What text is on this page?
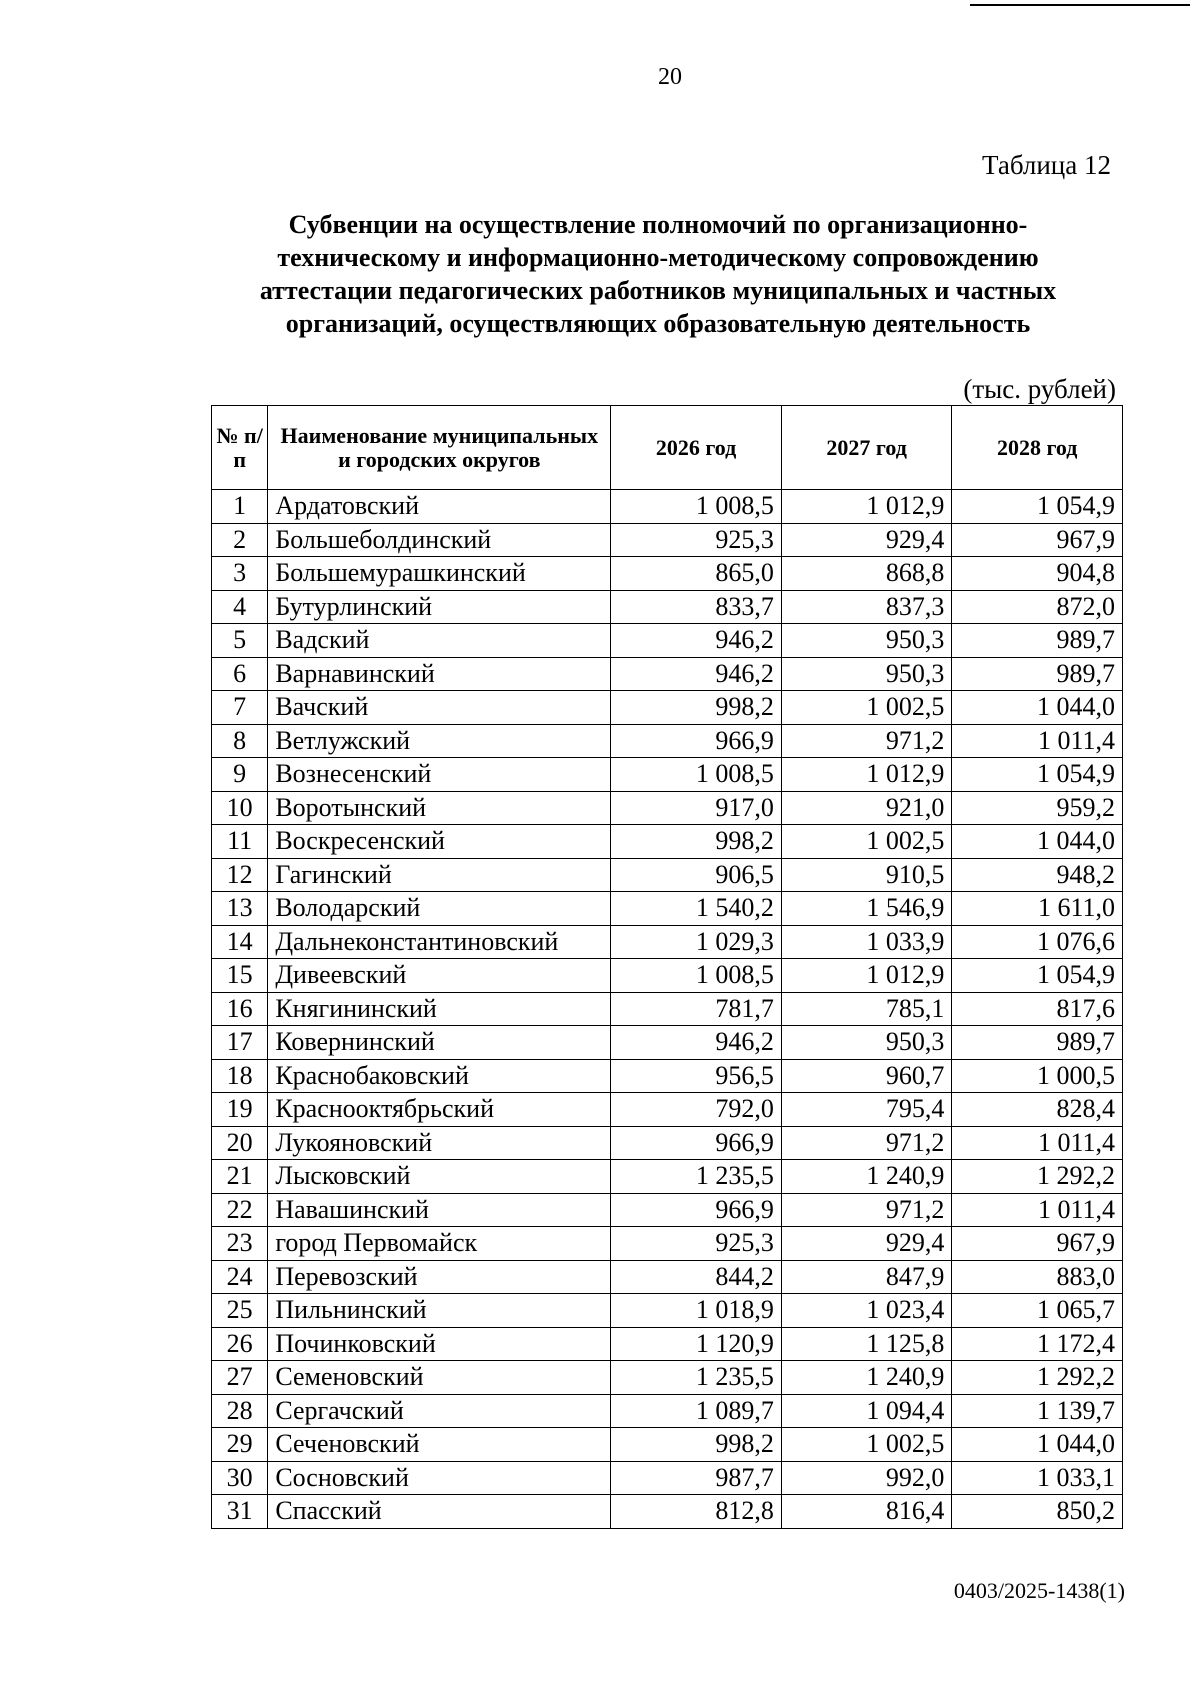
20
Таблица 12
Субвенции на осуществление полномочий по организационно-техническому и информационно-методическому сопровождению аттестации педагогических работников муниципальных и частных организаций, осуществляющих образовательную деятельность
(тыс. рублей)
№ п/п	Наименование муниципальных и городских округов	2026 год	2027 год	2028 год
1	Ардатовский	1 008,5	1 012,9	1 054,9
2	Большеболдинский	925,3	929,4	967,9
3	Большемурашкинский	865,0	868,8	904,8
4	Бутурлинский	833,7	837,3	872,0
5	Вадский	946,2	950,3	989,7
6	Варнавинский	946,2	950,3	989,7
7	Вачский	998,2	1 002,5	1 044,0
8	Ветлужский	966,9	971,2	1 011,4
9	Вознесенский	1 008,5	1 012,9	1 054,9
10	Воротынский	917,0	921,0	959,2
11	Воскресенский	998,2	1 002,5	1 044,0
12	Гагинский	906,5	910,5	948,2
13	Володарский	1 540,2	1 546,9	1 611,0
14	Дальнеконстантиновский	1 029,3	1 033,9	1 076,6
15	Дивеевский	1 008,5	1 012,9	1 054,9
16	Княгининский	781,7	785,1	817,6
17	Ковернинский	946,2	950,3	989,7
18	Краснобаковский	956,5	960,7	1 000,5
19	Краснооктябрьский	792,0	795,4	828,4
20	Лукояновский	966,9	971,2	1 011,4
21	Лысковский	1 235,5	1 240,9	1 292,2
22	Навашинский	966,9	971,2	1 011,4
23	город Первомайск	925,3	929,4	967,9
24	Перевозский	844,2	847,9	883,0
25	Пильнинский	1 018,9	1 023,4	1 065,7
26	Починковский	1 120,9	1 125,8	1 172,4
27	Семеновский	1 235,5	1 240,9	1 292,2
28	Сергачский	1 089,7	1 094,4	1 139,7
29	Сеченовский	998,2	1 002,5	1 044,0
30	Сосновский	987,7	992,0	1 033,1
31	Спасский	812,8	816,4	850,2
0403/2025-1438(1)
